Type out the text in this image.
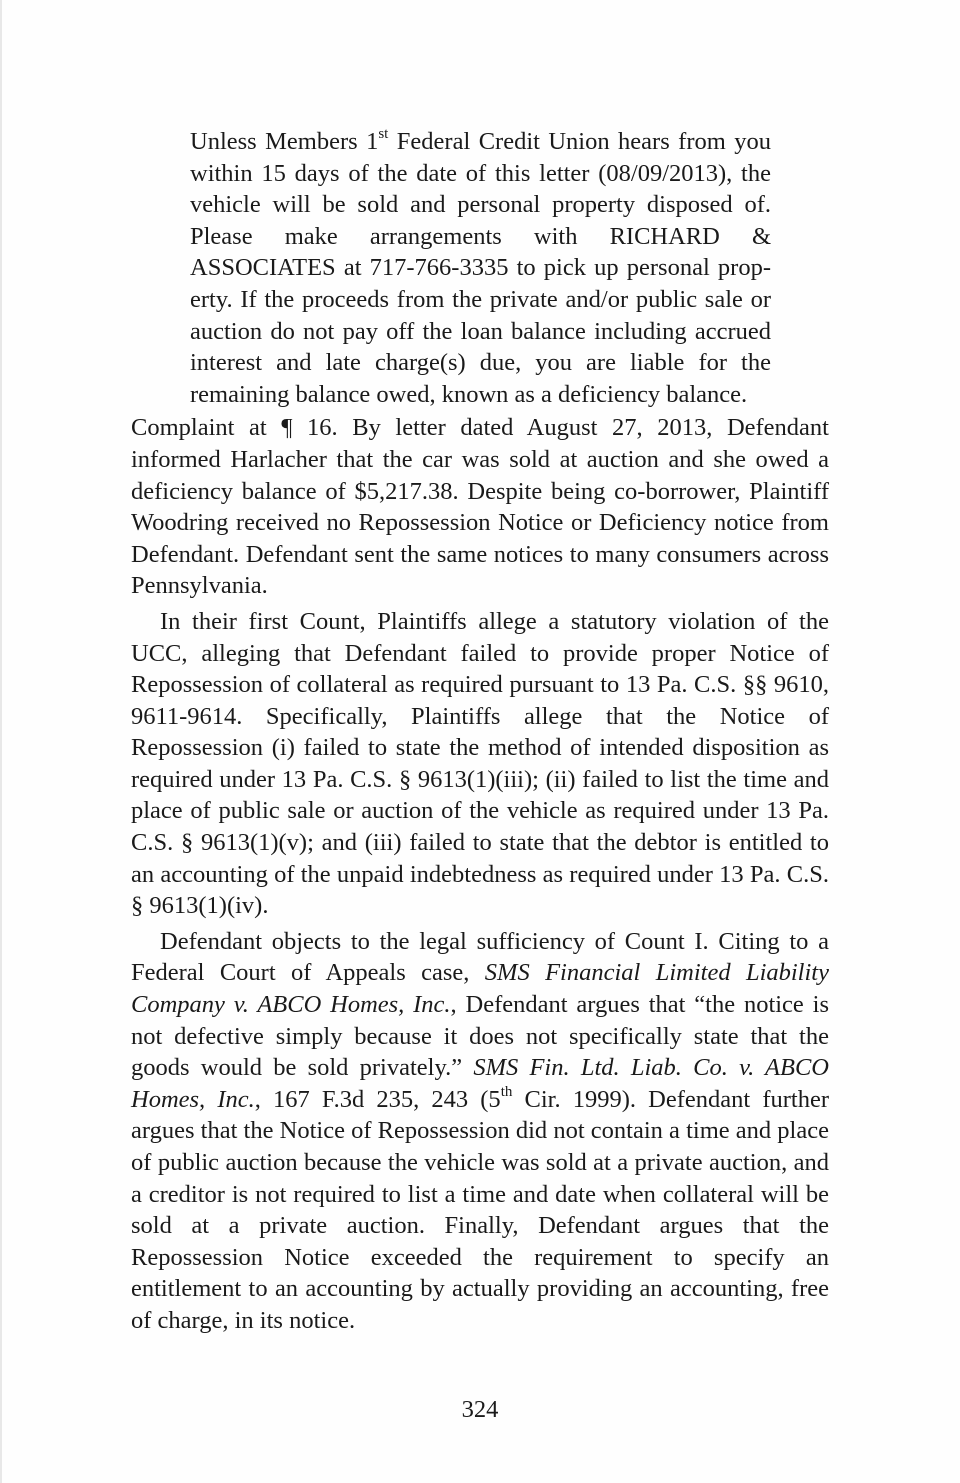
Unless Members 1st Federal Credit Union hears from you within 15 days of the date of this letter (08/09/2013), the vehicle will be sold and personal property disposed of. Please make arrangements with RICHARD & ASSOCIATES at 717-766-3335 to pick up personal property. If the proceeds from the private and/or public sale or auction do not pay off the loan balance including accrued interest and late charge(s) due, you are liable for the remaining balance owed, known as a deficiency balance.

Complaint at ¶ 16. By letter dated August 27, 2013, Defendant informed Harlacher that the car was sold at auction and she owed a deficiency balance of $5,217.38. Despite being co-borrower, Plaintiff Woodring received no Repossession Notice or Deficiency notice from Defendant. Defendant sent the same notices to many consumers across Pennsylvania.

In their first Count, Plaintiffs allege a statutory violation of the UCC, alleging that Defendant failed to provide proper Notice of Repossession of collateral as required pursuant to 13 Pa. C.S. §§ 9610, 9611-9614. Specifically, Plaintiffs allege that the Notice of Repossession (i) failed to state the method of intended disposition as required under 13 Pa. C.S. § 9613(1)(iii); (ii) failed to list the time and place of public sale or auction of the vehicle as required under 13 Pa. C.S. § 9613(1)(v); and (iii) failed to state that the debtor is entitled to an accounting of the unpaid indebtedness as required under 13 Pa. C.S. § 9613(1)(iv).

Defendant objects to the legal sufficiency of Count I. Citing to a Federal Court of Appeals case, SMS Financial Limited Liability Company v. ABCO Homes, Inc., Defendant argues that “the notice is not defective simply because it does not specifically state that the goods would be sold privately.” SMS Fin. Ltd. Liab. Co. v. ABCO Homes, Inc., 167 F.3d 235, 243 (5th Cir. 1999). Defendant further argues that the Notice of Repossession did not contain a time and place of public auction because the vehicle was sold at a private auction, and a creditor is not required to list a time and date when collateral will be sold at a private auction. Finally, Defendant argues that the Repossession Notice exceeded the requirement to specify an entitlement to an accounting by actually providing an accounting, free of charge, in its notice.

324
